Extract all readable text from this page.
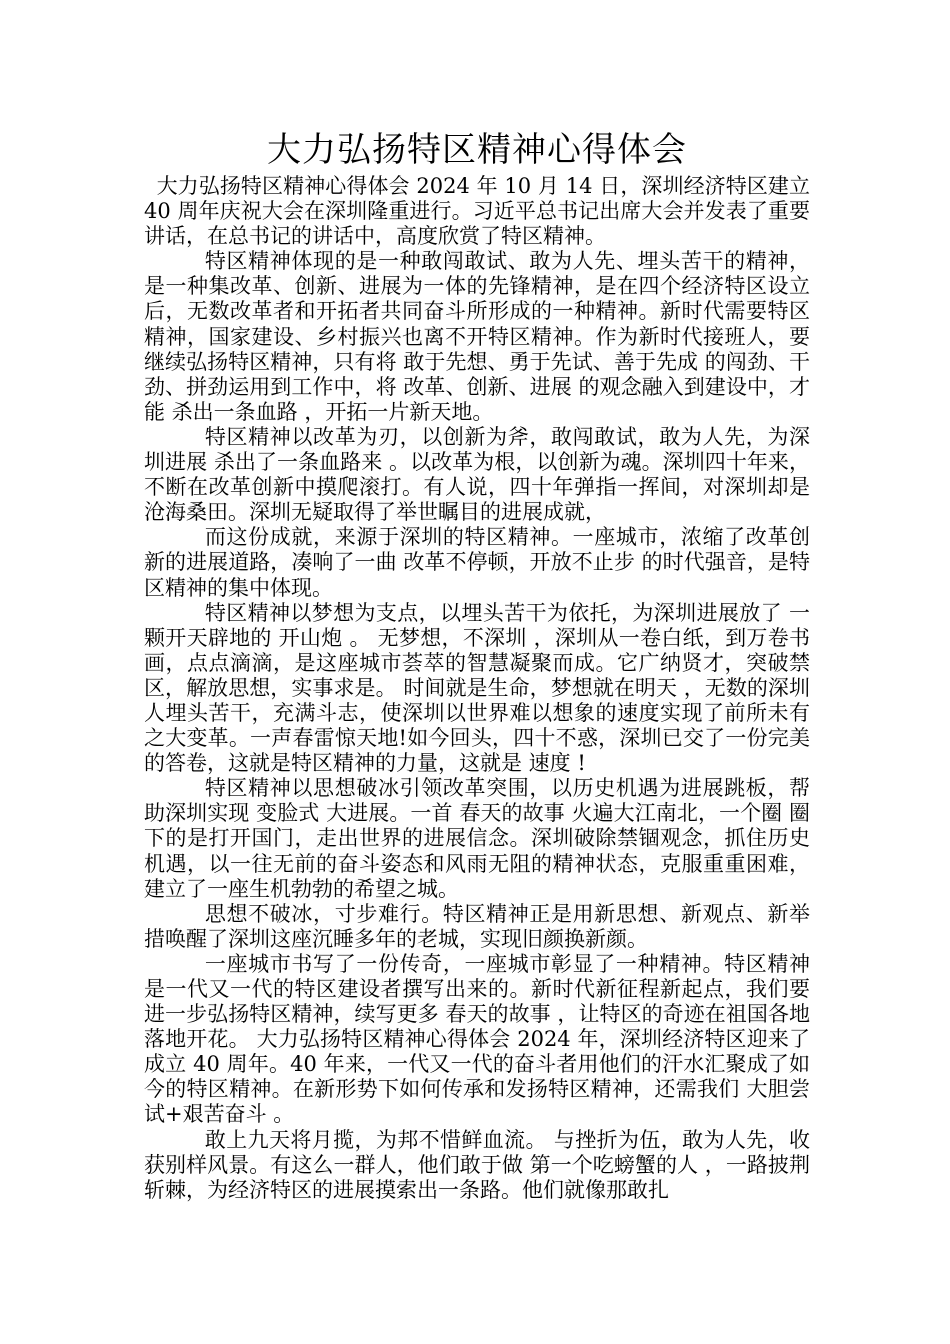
大力弘扬特区精神心得体会

大力弘扬特区精神心得体会 2024 年 10 月 14 日，深圳经济特区建立 40 周年庆祝大会在深圳隆重进行。习近平总书记出席大会并发表了重要讲话，在总书记的讲话中，高度欣赏了特区精神。

特区精神体现的是一种敢闯敢试、敢为人先、埋头苦干的精神，是一种集改革、创新、进展为一体的先锋精神，是在四个经济特区设立后，无数改革者和开拓者共同奋斗所形成的一种精神。新时代需要特区精神，国家建设、乡村振兴也离不开特区精神。作为新时代接班人，要继续弘扬特区精神，只有将 敢于先想、勇于先试、善于先成 的闯劲、干劲、拼劲运用到工作中，将 改革、创新、进展 的观念融入到建设中，才能 杀出一条血路 ，开拓一片新天地。

特区精神以改革为刃，以创新为斧，敢闯敢试，敢为人先，为深圳进展 杀出了一条血路来 。以改革为根，以创新为魂。深圳四十年来，不断在改革创新中摸爬滚打。有人说，四十年弹指一挥间，对深圳却是沧海桑田。深圳无疑取得了举世瞩目的进展成就，

而这份成就，来源于深圳的特区精神。一座城市，浓缩了改革创新的进展道路，凑响了一曲 改革不停顿，开放不止步 的时代强音，是特区精神的集中体现。

特区精神以梦想为支点，以埋头苦干为依托，为深圳进展放了 一颗开天辟地的 开山炮 。 无梦想，不深圳 ，深圳从一卷白纸，到万卷书画，点点滴滴，是这座城市荟萃的智慧凝聚而成。它广纳贤才，突破禁区，解放思想，实事求是。 时间就是生命，梦想就在明天 ，无数的深圳人埋头苦干，充满斗志，使深圳以世界难以想象的速度实现了前所未有之大变革。一声春雷惊天地!如今回头，四十不惑，深圳已交了一份完美的答卷，这就是特区精神的力量，这就是 速度 !

特区精神以思想破冰引领改革突围，以历史机遇为进展跳板，帮助深圳实现 变脸式 大进展。一首 春天的故事 火遍大江南北，一个圈 圈下的是打开国门，走出世界的进展信念。深圳破除禁锢观念，抓住历史机遇，以一往无前的奋斗姿态和风雨无阻的精神状态，克服重重困难，建立了一座生机勃勃的希望之城。

思想不破冰，寸步难行。特区精神正是用新思想、新观点、新举措唤醒了深圳这座沉睡多年的老城，实现旧颜换新颜。

一座城市书写了一份传奇，一座城市彰显了一种精神。特区精神是一代又一代的特区建设者撰写出来的。新时代新征程新起点，我们要进一步弘扬特区精神，续写更多 春天的故事 ，让特区的奇迹在祖国各地落地开花。 大力弘扬特区精神心得体会 2024 年，深圳经济特区迎来了成立 40 周年。40 年来，一代又一代的奋斗者用他们的汗水汇聚成了如今的特区精神。在新形势下如何传承和发扬特区精神，还需我们 大胆尝试+艰苦奋斗 。

敢上九天将月揽，为邦不惜鲜血流。 与挫折为伍，敢为人先，收获别样风景。有这么一群人，他们敢于做 第一个吃螃蟹的人 ，一路披荆斩棘，为经济特区的进展摸索出一条路。他们就像那敢扎
